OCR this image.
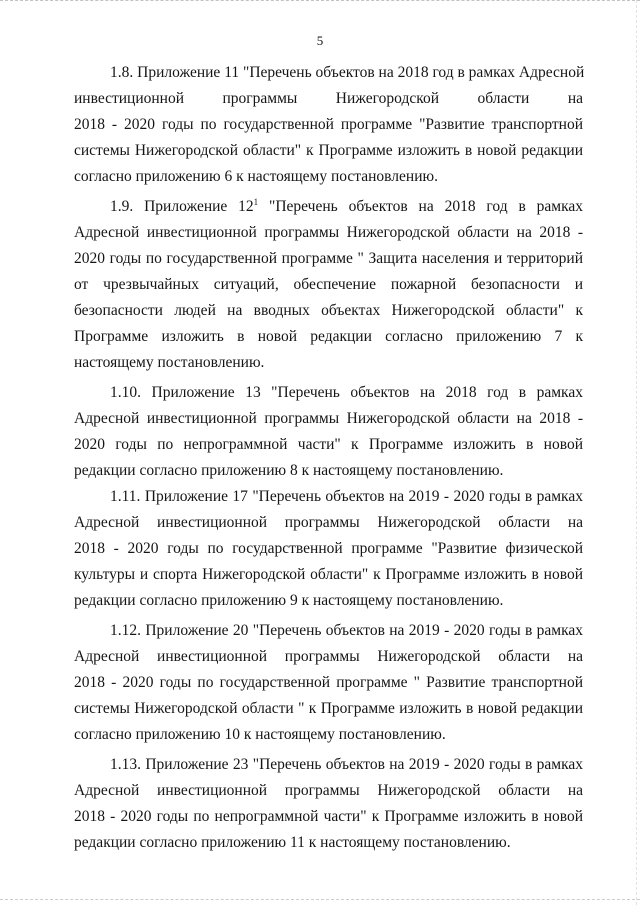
5
1.8. Приложение 11 "Перечень объектов на 2018 год в рамках Адресной
инвестиционной программы Нижегородской области на
2018 - 2020 годы по государственной программе "Развитие транспортной
системы Нижегородской области" к Программе изложить в новой редакции
согласно приложению 6 к настоящему постановлению.
1.9. Приложение $12^1$ "Перечень объектов на 2018 год в рамках
Адресной инвестиционной программы Нижегородской области на 2018 -
2020 годы по государственной программе " Защита населения и территорий
от чрезвычайных ситуаций, обеспечение пожарной безопасности и
безопасности людей на вводных объектах Нижегородской области" к
Программе изложить в новой редакции согласно приложению 7 к
настоящему постановлению.
1.10. Приложение 13 "Перечень объектов на 2018 год в рамках
Адресной инвестиционной программы Нижегородской области на 2018 -
2020 годы по непрограммной части" к Программе изложить в новой
редакции согласно приложению 8 к настоящему постановлению.
1.11. Приложение 17 "Перечень объектов на 2019 - 2020 годы в рамках
Адресной инвестиционной программы Нижегородской области на
2018 - 2020 годы по государственной программе "Развитие физической
культуры и спорта Нижегородской области" к Программе изложить в новой
редакции согласно приложению 9 к настоящему постановлению.
1.12. Приложение 20 "Перечень объектов на 2019 - 2020 годы в рамках
Адресной инвестиционной программы Нижегородской области на
2018 - 2020 годы по государственной программе " Развитие транспортной
системы Нижегородской области " к Программе изложить в новой редакции
согласно приложению 10 к настоящему постановлению.
1.13. Приложение 23 "Перечень объектов на 2019 - 2020 годы в рамках
Адресной инвестиционной программы Нижегородской области на
2018 - 2020 годы по непрограммной части" к Программе изложить в новой
редакции согласно приложению 11 к настоящему постановлению.
